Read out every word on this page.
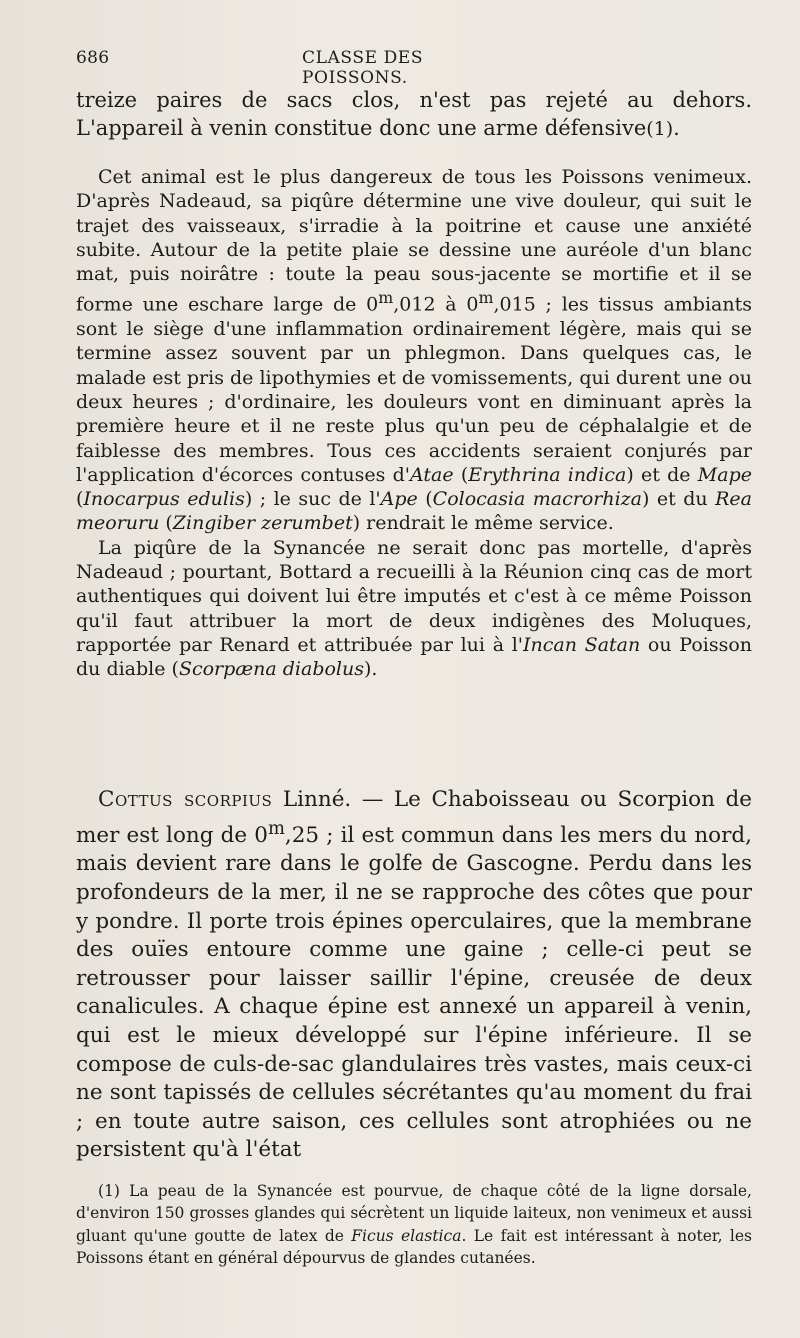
686	CLASSE DES POISSONS.

treize paires de sacs clos, n'est pas rejeté au dehors. L'appareil à venin constitue donc une arme défensive(1).

Cet animal est le plus dangereux de tous les Poissons venimeux. D'après Nadeaud, sa piqûre détermine une vive douleur, qui suit le trajet des vaisseaux, s'irradie à la poitrine et cause une anxiété subite. Autour de la petite plaie se dessine une auréole d'un blanc mat, puis noirâtre : toute la peau sous-jacente se mortifie et il se forme une eschare large de 0$^m$,012 à 0$^m$,015 ; les tissus ambiants sont le siège d'une inflammation ordinairement légère, mais qui se termine assez souvent par un phlegmon. Dans quelques cas, le malade est pris de lipothymies et de vomissements, qui durent une ou deux heures ; d'ordinaire, les douleurs vont en diminuant après la première heure et il ne reste plus qu'un peu de céphalalgie et de faiblesse des membres. Tous ces accidents seraient conjurés par l'application d'écorces contuses d'Atae (Erythrina indica) et de Mape (Inocarpus edulis) ; le suc de l'Ape (Colocasia macrorhiza) et du Rea meoruru (Zingiber zerumbet) rendrait le même service.

La piqûre de la Synancée ne serait donc pas mortelle, d'après Nadeaud ; pourtant, Bottard a recueilli à la Réunion cinq cas de mort authentiques qui doivent lui être imputés et c'est à ce même Poisson qu'il faut attribuer la mort de deux indigènes des Moluques, rapportée par Renard et attribuée par lui à l'Incan Satan ou Poisson du diable (Scorpæna diabolus).

Cottus scorpius Linné. — Le Chaboisseau ou Scorpion de mer est long de 0$^m$,25 ; il est commun dans les mers du nord, mais devient rare dans le golfe de Gascogne. Perdu dans les profondeurs de la mer, il ne se rapproche des côtes que pour y pondre. Il porte trois épines operculaires, que la membrane des ouïes entoure comme une gaine ; celle-ci peut se retrousser pour laisser saillir l'épine, creusée de deux canalicules. A chaque épine est annexé un appareil à venin, qui est le mieux développé sur l'épine inférieure. Il se compose de culs-de-sac glandulaires très vastes, mais ceux-ci ne sont tapissés de cellules sécrétantes qu'au moment du frai ; en toute autre saison, ces cellules sont atrophiées ou ne persistent qu'à l'état

(1) La peau de la Synancée est pourvue, de chaque côté de la ligne dorsale, d'environ 150 grosses glandes qui sécrètent un liquide laiteux, non venimeux et aussi gluant qu'une goutte de latex de Ficus elastica. Le fait est intéressant à noter, les Poissons étant en général dépourvus de glandes cutanées.
